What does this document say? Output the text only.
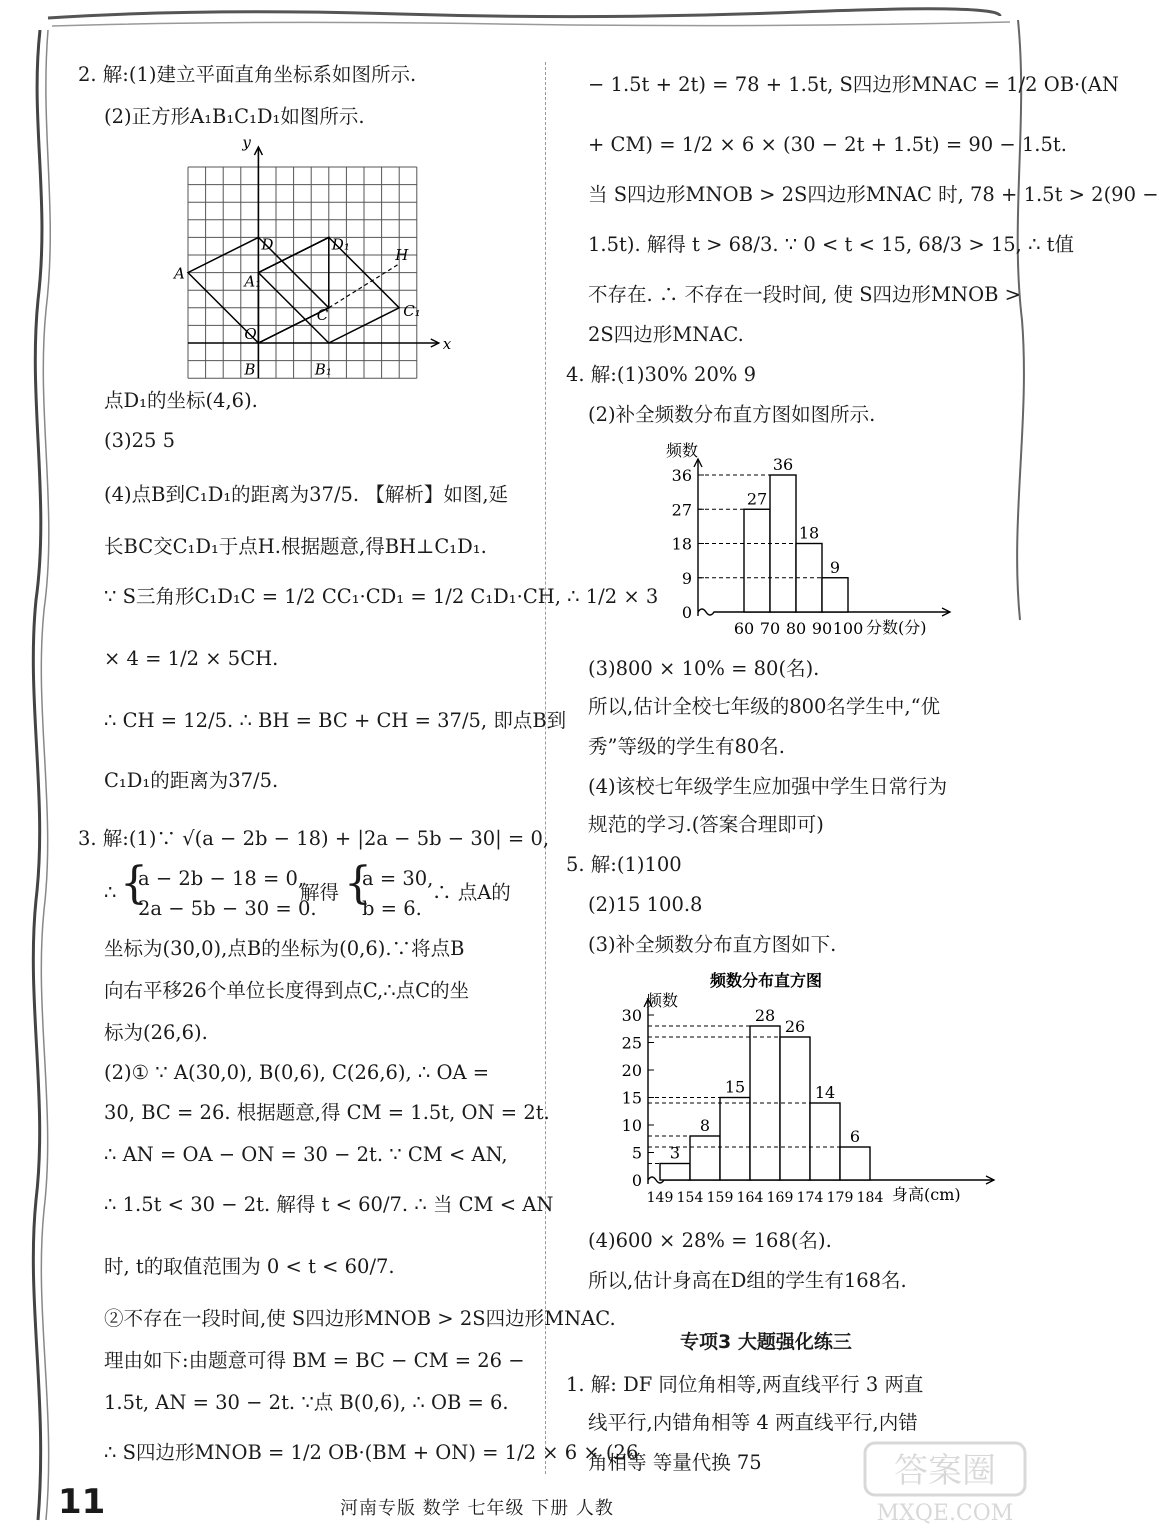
2. 解:(1)建立平面直角坐标系如图所示.
(2)正方形A₁B₁C₁D₁如图所示.
y
x
D	D₁
H
A	A₁
C	C₁
O
B	B₁
点D₁的坐标(4,6).
(3)25 5
(4)点B到C₁D₁的距离为37/5. 【解析】如图,延
长BC交C₁D₁于点H.根据题意,得BH⊥C₁D₁.
∵ S三角形C₁D₁C = 1/2 CC₁·CD₁ = 1/2 C₁D₁·CH, ∴ 1/2 × 3
× 4 = 1/2 × 5CH.
∴ CH = 12/5. ∴ BH = BC + CH = 37/5, 即点B到
C₁D₁的距离为37/5.
3. 解:(1)∵ √(a − 2b − 18) + |2a − 5b − 30| = 0,
∴ {
a − 2b − 18 = 0,
2a − 5b − 30 = 0.
解得 {
a = 30,
b = 6.
∴ 点A的
坐标为(30,0),点B的坐标为(0,6).∵将点B
向右平移26个单位长度得到点C,∴点C的坐
标为(26,6).
(2)① ∵ A(30,0), B(0,6), C(26,6), ∴ OA =
30, BC = 26. 根据题意,得 CM = 1.5t, ON = 2t.
∴ AN = OA − ON = 30 − 2t. ∵ CM < AN,
∴ 1.5t < 30 − 2t. 解得 t < 60/7. ∴ 当 CM < AN
时, t的取值范围为 0 < t < 60/7.
②不存在一段时间,使 S四边形MNOB > 2S四边形MNAC.
理由如下:由题意可得 BM = BC − CM = 26 −
1.5t, AN = 30 − 2t. ∵点 B(0,6), ∴ OB = 6.
∴ S四边形MNOB = 1/2 OB·(BM + ON) = 1/2 × 6 × (26
− 1.5t + 2t) = 78 + 1.5t, S四边形MNAC = 1/2 OB·(AN
+ CM) = 1/2 × 6 × (30 − 2t + 1.5t) = 90 − 1.5t.
当 S四边形MNOB > 2S四边形MNAC 时, 78 + 1.5t > 2(90 −
1.5t). 解得 t > 68/3. ∵ 0 < t < 15, 68/3 > 15, ∴ t值
不存在. ∴ 不存在一段时间, 使 S四边形MNOB >
2S四边形MNAC.
4. 解:(1)30% 20% 9
(2)补全频数分布直方图如图所示.
0
9
18
27
36
60 70 80 90 100
27
36
18
9
频数
分数(分)
(3)800 × 10% = 80(名).
所以,估计全校七年级的800名学生中,“优
秀”等级的学生有80名.
(4)该校七年级学生应加强中学生日常行为
规范的学习.(答案合理即可)
5. 解:(1)100
(2)15 100.8
(3)补全频数分布直方图如下.
0
5
10
15
20
25
30
149 154 159 164 169 174 179 184
3
8
15
28
26
14
6
频数
身高(cm)
频数分布直方图
(4)600 × 28% = 168(名).
所以,估计身高在D组的学生有168名.
专项3 大题强化练三
1. 解: DF 同位角相等,两直线平行 3 两直
线平行,内错角相等 4 两直线平行,内错
角相等 等量代换 75
11	河南专版 数学 七年级 下册 人教
答案圈
MXQE.COM
